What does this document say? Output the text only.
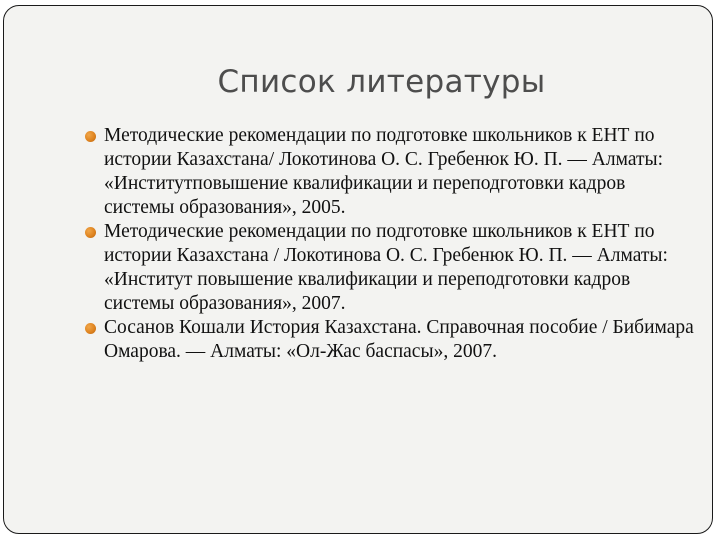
Список литературы
Методические рекомендации по подготовке школьников к ЕНТ по истории Казахстана/ Локотинова О. С. Гребенюк Ю. П. — Алматы: «Институтповышение квалификации и переподготовки кадров системы образования», 2005.
Методические рекомендации по подготовке школьников к ЕНТ по истории Казахстана / Локотинова О. С. Гребенюк Ю. П. — Алматы: «Институт повышение квалификации и переподготовки кадров системы образования», 2007.
Сосанов Кошали История Казахстана. Справочная пособие / Бибимара Омарова. — Алматы: «Ол-Жас баспасы», 2007.
